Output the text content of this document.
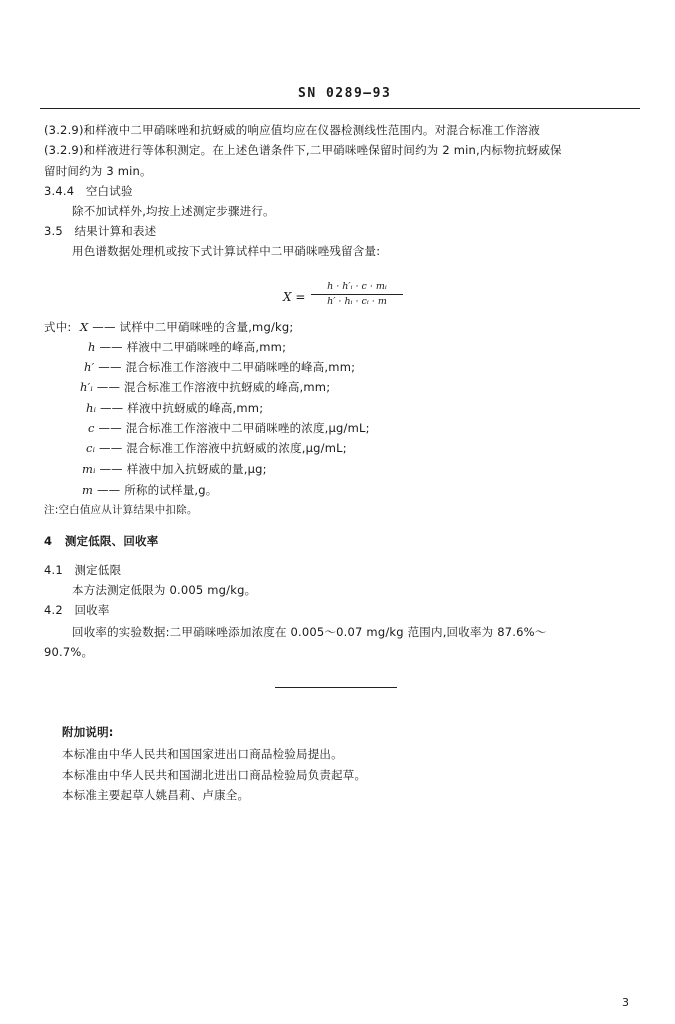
SN 0289—93
(3.2.9)和样液中二甲硝咪唑和抗蚜威的响应值均应在仪器检测线性范围内。对混合标准工作溶液
(3.2.9)和样液进行等体积测定。在上述色谱条件下,二甲硝咪唑保留时间约为 2 min,内标物抗蚜威保
留时间约为 3 min。
3.4.4 空白试验
除不加试样外,均按上述测定步骤进行。
3.5 结果计算和表述
用色谱数据处理机或按下式计算试样中二甲硝咪唑残留含量:
X =
h · h′ᵢ · c · mᵢ
h′ · hᵢ · cᵢ · m
式中: X —— 试样中二甲硝咪唑的含量,mg/kg;
h —— 样液中二甲硝咪唑的峰高,mm;
h′ —— 混合标准工作溶液中二甲硝咪唑的峰高,mm;
h′ᵢ —— 混合标准工作溶液中抗蚜威的峰高,mm;
hᵢ —— 样液中抗蚜威的峰高,mm;
c —— 混合标准工作溶液中二甲硝咪唑的浓度,μg/mL;
cᵢ —— 混合标准工作溶液中抗蚜威的浓度,μg/mL;
mᵢ —— 样液中加入抗蚜威的量,μg;
m —— 所称的试样量,g。
注:空白值应从计算结果中扣除。
4 测定低限、回收率
4.1 测定低限
本方法测定低限为 0.005 mg/kg。
4.2 回收率
回收率的实验数据:二甲硝咪唑添加浓度在 0.005～0.07 mg/kg 范围内,回收率为 87.6%～
90.7%。
附加说明:
本标准由中华人民共和国国家进出口商品检验局提出。
本标准由中华人民共和国湖北进出口商品检验局负责起草。
本标准主要起草人姚昌莉、卢康全。
3
